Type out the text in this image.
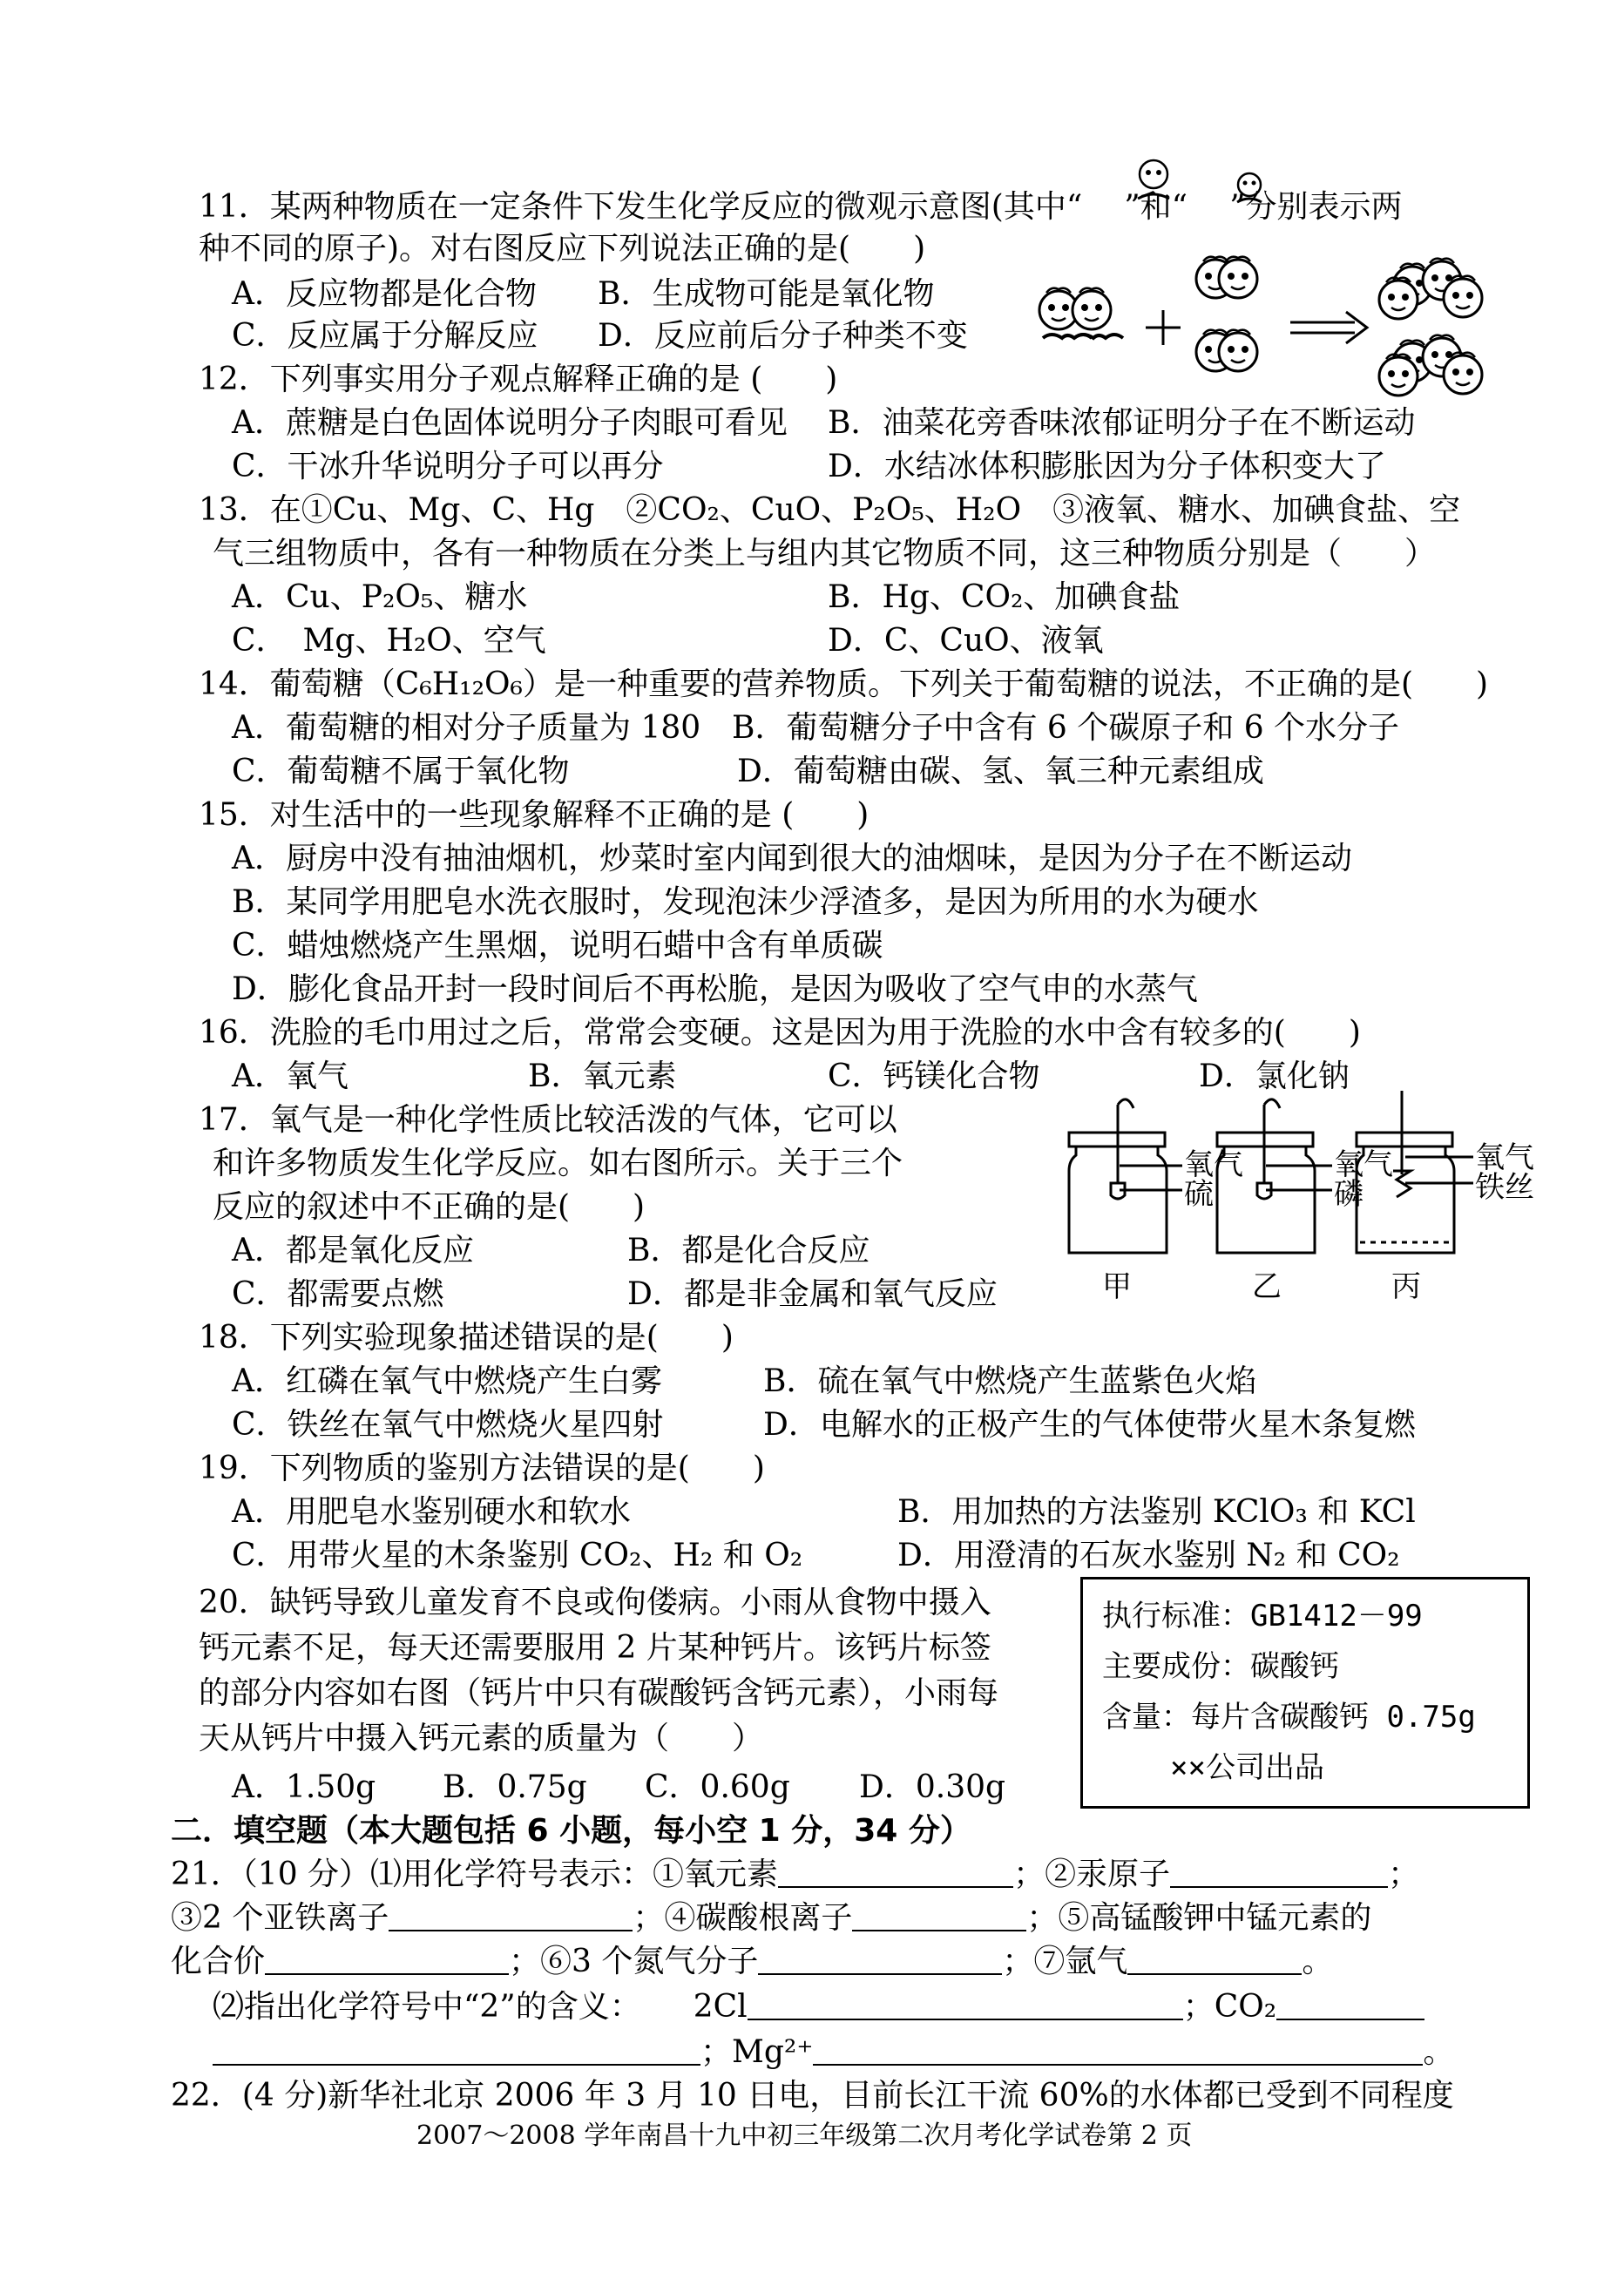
11．某两种物质在一定条件下发生化学反应的微观示意图(其中“ ”和“ ”分别表示两
种不同的原子)。对右图反应下列说法正确的是(　　)
A．反应物都是化合物 B．生成物可能是氧化物
C．反应属于分解反应 D．反应前后分子种类不变
12．下列事实用分子观点解释正确的是 (　　)
A．蔗糖是白色固体说明分子肉眼可看见 B．油菜花旁香味浓郁证明分子在不断运动
C．干冰升华说明分子可以再分	D．水结冰体积膨胀因为分子体积变大了
13．在①Cu、Mg、C、Hg　②CO₂、CuO、P₂O₅、H₂O　③液氧、糖水、加碘食盐、空
气三组物质中，各有一种物质在分类上与组内其它物质不同，这三种物质分别是（　　）
A．Cu、P₂O₅、糖水	B．Hg、CO₂、加碘食盐
C．　Mg、H₂O、空气	D．C、CuO、液氧
14．葡萄糖（C₆H₁₂O₆）是一种重要的营养物质。下列关于葡萄糖的说法，不正确的是(　　)
A．葡萄糖的相对分子质量为 180 B．葡萄糖分子中含有 6 个碳原子和 6 个水分子
C．葡萄糖不属于氧化物	D．葡萄糖由碳、氢、氧三种元素组成
15．对生活中的一些现象解释不正确的是 (　　)
A．厨房中没有抽油烟机，炒菜时室内闻到很大的油烟味，是因为分子在不断运动
B．某同学用肥皂水洗衣服时，发现泡沫少浮渣多，是因为所用的水为硬水
C．蜡烛燃烧产生黑烟，说明石蜡中含有单质碳
D．膨化食品开封一段时间后不再松脆，是因为吸收了空气申的水蒸气
16．洗脸的毛巾用过之后，常常会变硬。这是因为用于洗脸的水中含有较多的(　　)
A．氧气	B．氧元素	C．钙镁化合物	D．氯化钠
17．氧气是一种化学性质比较活泼的气体，它可以
和许多物质发生化学反应。如右图所示。关于三个
反应的叙述中不正确的是(　　)
A．都是氧化反应	B．都是化合反应
C．都需要点燃	D．都是非金属和氧气反应
氧气
硫
氧气
磷
氧气
铁丝
甲	乙	丙
18．下列实验现象描述错误的是(　　)
A．红磷在氧气中燃烧产生白雾	B．硫在氧气中燃烧产生蓝紫色火焰
C．铁丝在氧气中燃烧火星四射	D．电解水的正极产生的气体使带火星木条复燃
19．下列物质的鉴别方法错误的是(　　)
A．用肥皂水鉴别硬水和软水	B．用加热的方法鉴别 KClO₃ 和 KCl
C．用带火星的木条鉴别 CO₂、H₂ 和 O₂	D．用澄清的石灰水鉴别 N₂ 和 CO₂
20．缺钙导致儿童发育不良或佝偻病。小雨从食物中摄入
钙元素不足，每天还需要服用 2 片某种钙片。该钙片标签
的部分内容如右图（钙片中只有碳酸钙含钙元素），小雨每
天从钙片中摄入钙元素的质量为（　　）
A．1.50g B．0.75g C．0.60g D．0.30g
执行标准：GB1412－99
主要成份：碳酸钙
含量：每片含碳酸钙 0.75g
××公司出品
二．填空题（本大题包括 6 小题，每小空 1 分，34 分）
21．（10 分）⑴用化学符号表示：①氧元素	；②汞原子	；
③2 个亚铁离子	；④碳酸根离子	；⑤高锰酸钾中锰元素的
化合价	；⑥3 个氮气分子	；⑦氩气	。
⑵指出化学符号中“2”的含义： 2Cl	；CO₂
；Mg²⁺	。
22．(4 分)新华社北京 2006 年 3 月 10 日电，目前长江干流 60%的水体都已受到不同程度
2007～2008 学年南昌十九中初三年级第二次月考化学试卷第 2 页
